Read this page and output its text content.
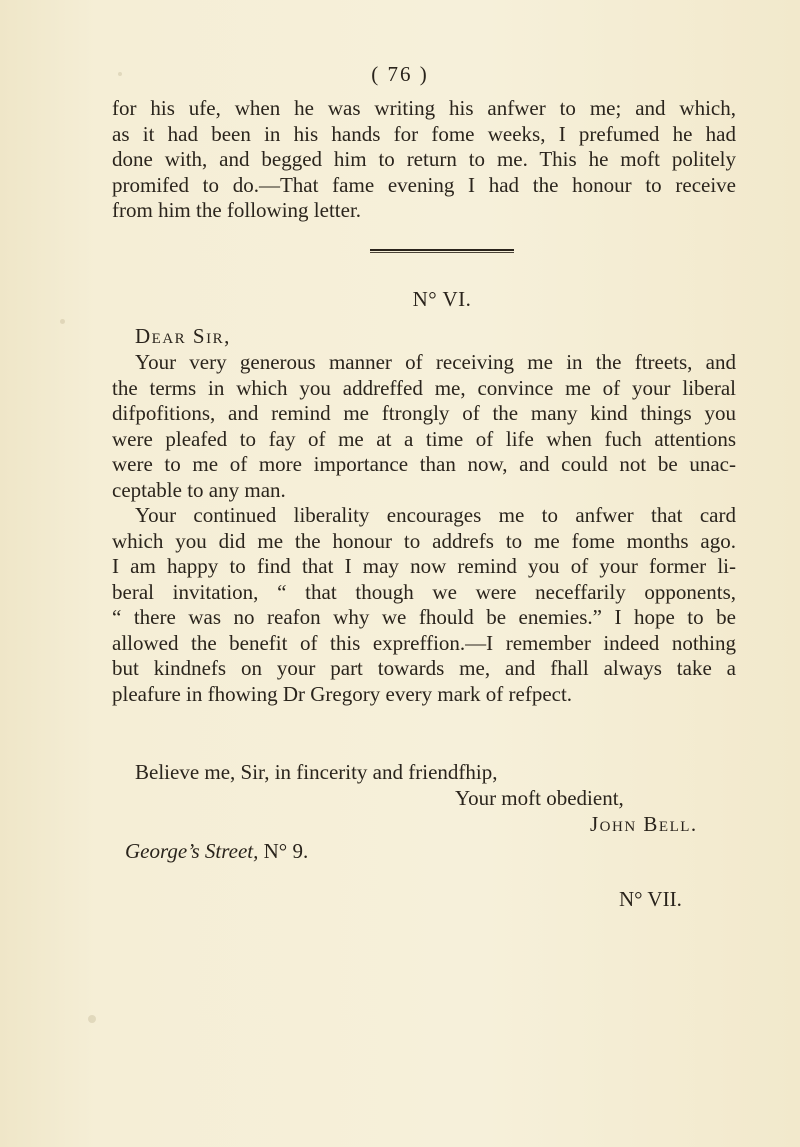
( 76 )
for his ufe, when he was writing his anfwer to me; and which,
as it had been in his hands for fome weeks, I prefumed he had
done with, and begged him to return to me. This he moft politely
promifed to do.—That fame evening I had the honour to receive
from him the following letter.
N° VI.
Dear Sir,
Your very generous manner of receiving me in the ftreets, and
the terms in which you addreffed me, convince me of your liberal
difpofitions, and remind me ftrongly of the many kind things you
were pleafed to fay of me at a time of life when fuch attentions
were to me of more importance than now, and could not be unac-
ceptable to any man.
Your continued liberality encourages me to anfwer that card
which you did me the honour to addrefs to me fome months ago.
I am happy to find that I may now remind you of your former li-
beral invitation, “ that though we were neceffarily opponents,
“ there was no reafon why we fhould be enemies.” I hope to be
allowed the benefit of this expreffion.—I remember indeed nothing
but kindnefs on your part towards me, and fhall always take a
pleafure in fhowing Dr Gregory every mark of refpect.
Believe me, Sir, in fincerity and friendfhip,
Your moft obedient,
John Bell.
George’s Street, N° 9.
N° VII.
